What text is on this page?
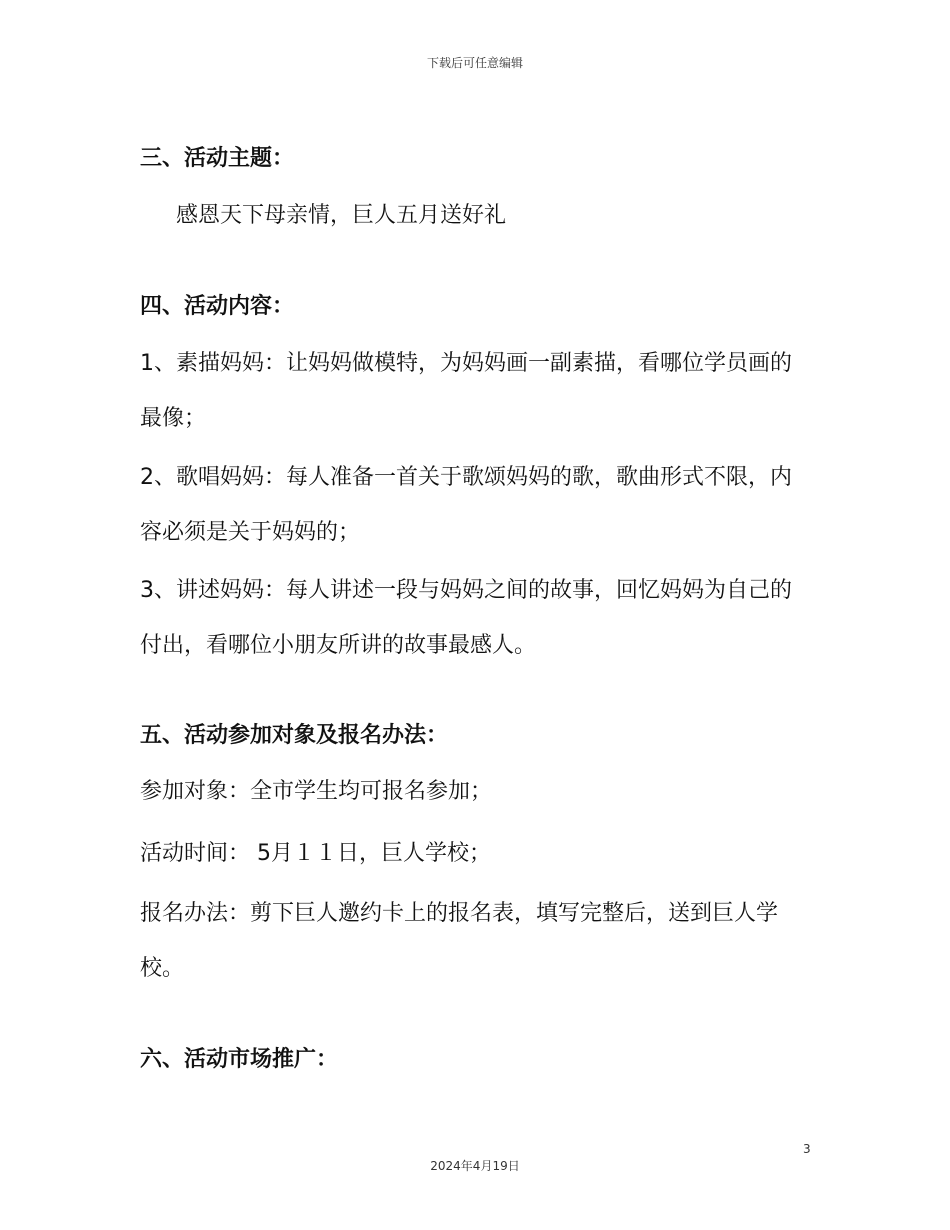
下载后可任意编辑
三、活动主题：

感恩天下母亲情，巨人五月送好礼

四、活动内容：

1、素描妈妈：让妈妈做模特，为妈妈画一副素描，看哪位学员画的最像；

2、歌唱妈妈：每人准备一首关于歌颂妈妈的歌，歌曲形式不限，内容必须是关于妈妈的；

3、讲述妈妈：每人讲述一段与妈妈之间的故事，回忆妈妈为自己的付出，看哪位小朋友所讲的故事最感人。

五、活动参加对象及报名办法：

参加对象：全市学生均可报名参加；

活动时间： 5月１１日，巨人学校；

报名办法：剪下巨人邀约卡上的报名表，填写完整后，送到巨人学校。

六、活动市场推广：
3
2024年4月19日
